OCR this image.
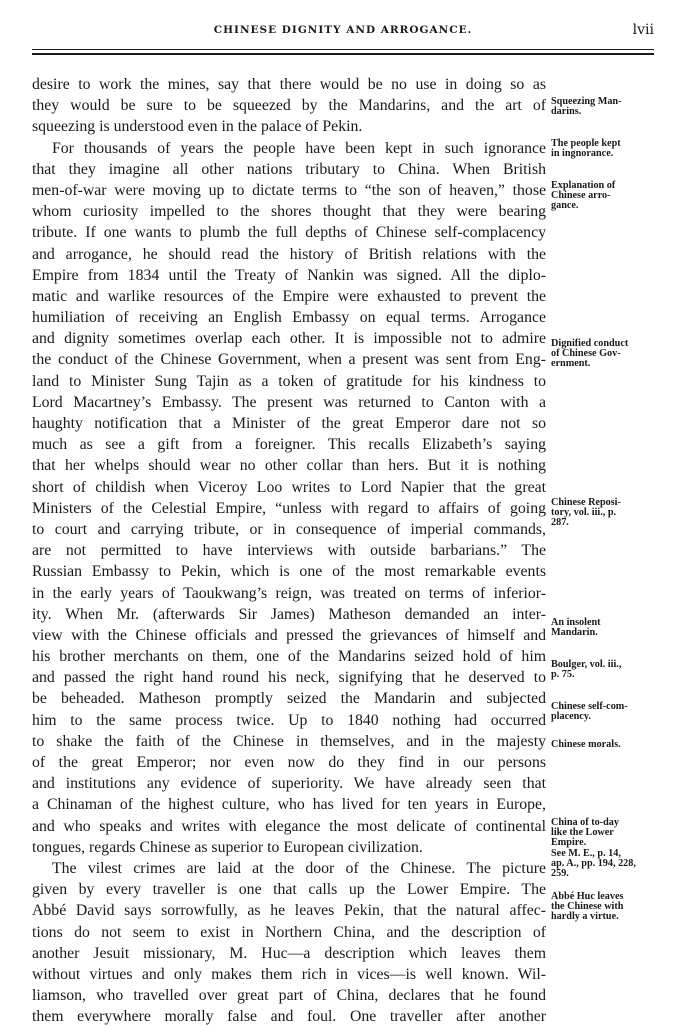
CHINESE DIGNITY AND ARROGANCE.	lvii
desire to work the mines, say that there would be no use in doing so as
they would be sure to be squeezed by the Mandarins, and the art of
squeezing is understood even in the palace of Pekin.
For thousands of years the people have been kept in such ignorance
that they imagine all other nations tributary to China. When British
men-of-war were moving up to dictate terms to “the son of heaven,” those
whom curiosity impelled to the shores thought that they were bearing
tribute. If one wants to plumb the full depths of Chinese self-complacency
and arrogance, he should read the history of British relations with the
Empire from 1834 until the Treaty of Nankin was signed. All the diplo-
matic and warlike resources of the Empire were exhausted to prevent the
humiliation of receiving an English Embassy on equal terms. Arrogance
and dignity sometimes overlap each other. It is impossible not to admire
the conduct of the Chinese Government, when a present was sent from Eng-
land to Minister Sung Tajin as a token of gratitude for his kindness to
Lord Macartney’s Embassy. The present was returned to Canton with a
haughty notification that a Minister of the great Emperor dare not so
much as see a gift from a foreigner. This recalls Elizabeth’s saying
that her whelps should wear no other collar than hers. But it is nothing
short of childish when Viceroy Loo writes to Lord Napier that the great
Ministers of the Celestial Empire, “unless with regard to affairs of going
to court and carrying tribute, or in consequence of imperial commands,
are not permitted to have interviews with outside barbarians.” The
Russian Embassy to Pekin, which is one of the most remarkable events
in the early years of Taoukwang’s reign, was treated on terms of inferior-
ity. When Mr. (afterwards Sir James) Matheson demanded an inter-
view with the Chinese officials and pressed the grievances of himself and
his brother merchants on them, one of the Mandarins seized hold of him
and passed the right hand round his neck, signifying that he deserved to
be beheaded. Matheson promptly seized the Mandarin and subjected
him to the same process twice. Up to 1840 nothing had occurred
to shake the faith of the Chinese in themselves, and in the majesty
of the great Emperor; nor even now do they find in our persons
and institutions any evidence of superiority. We have already seen that
a Chinaman of the highest culture, who has lived for ten years in Europe,
and who speaks and writes with elegance the most delicate of continental
tongues, regards Chinese as superior to European civilization.
The vilest crimes are laid at the door of the Chinese. The picture
given by every traveller is one that calls up the Lower Empire. The
Abbé David says sorrowfully, as he leaves Pekin, that the natural affec-
tions do not seem to exist in Northern China, and the description of
another Jesuit missionary, M. Huc—a description which leaves them
without virtues and only makes them rich in vices—is well known. Wil-
liamson, who travelled over great part of China, declares that he found
them everywhere morally false and foul. One traveller after another
Squeezing Man-
darins.
The people kept
in ingnorance.
Explanation of
Chinese arro-
gance.
Dignified conduct
of Chinese Gov-
ernment.
Chinese Reposi-
tory, vol. iii., p.
287.
An insolent
Mandarin.
Boulger, vol. iii.,
p. 75.
Chinese self-com-
placency.
Chinese morals.
China of to-day
like the Lower
Empire.
See M. E., p. 14,
ap. A., pp. 194, 228,
259.
Abbé Huc leaves
the Chinese with
hardly a virtue.
